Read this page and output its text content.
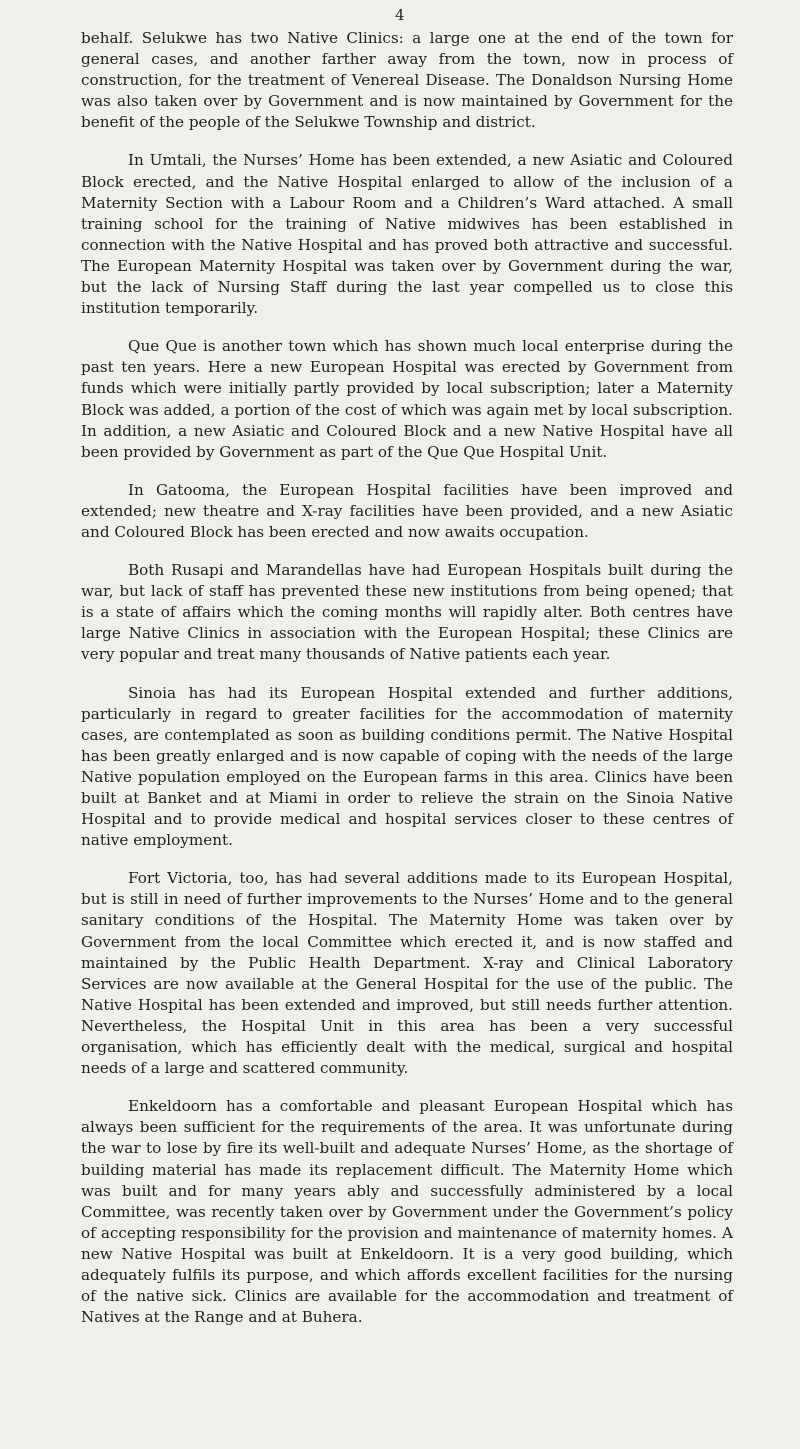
4

behalf. Selukwe has two Native Clinics: a large one at the end of the town for general cases, and another farther away from the town, now in process of construction, for the treatment of Venereal Disease. The Donaldson Nursing Home was also taken over by Government and is now maintained by Government for the benefit of the people of the Selukwe Township and district.

In Umtali, the Nurses’ Home has been extended, a new Asiatic and Coloured Block erected, and the Native Hospital enlarged to allow of the inclusion of a Maternity Section with a Labour Room and a Children’s Ward attached. A small training school for the training of Native midwives has been established in connection with the Native Hospital and has proved both attractive and successful. The European Maternity Hospital was taken over by Government during the war, but the lack of Nursing Staff during the last year compelled us to close this institution temporarily.

Que Que is another town which has shown much local enterprise during the past ten years. Here a new European Hospital was erected by Government from funds which were initially partly provided by local subscription; later a Maternity Block was added, a portion of the cost of which was again met by local subscription. In addition, a new Asiatic and Coloured Block and a new Native Hospital have all been provided by Government as part of the Que Que Hospital Unit.

In Gatooma, the European Hospital facilities have been improved and extended; new theatre and X-ray facilities have been provided, and a new Asiatic and Coloured Block has been erected and now awaits occupation.

Both Rusapi and Marandellas have had European Hospitals built during the war, but lack of staff has prevented these new institutions from being opened; that is a state of affairs which the coming months will rapidly alter. Both centres have large Native Clinics in association with the European Hospital; these Clinics are very popular and treat many thousands of Native patients each year.

Sinoia has had its European Hospital extended and further additions, particularly in regard to greater facilities for the accommodation of maternity cases, are contemplated as soon as building conditions permit. The Native Hospital has been greatly enlarged and is now capable of coping with the needs of the large Native population employed on the European farms in this area. Clinics have been built at Banket and at Miami in order to relieve the strain on the Sinoia Native Hospital and to provide medical and hospital services closer to these centres of native employment.

Fort Victoria, too, has had several additions made to its European Hospital, but is still in need of further improvements to the Nurses’ Home and to the general sanitary conditions of the Hospital. The Maternity Home was taken over by Government from the local Committee which erected it, and is now staffed and maintained by the Public Health Department. X-ray and Clinical Laboratory Services are now available at the General Hospital for the use of the public. The Native Hospital has been extended and improved, but still needs further attention. Nevertheless, the Hospital Unit in this area has been a very successful organisation, which has efficiently dealt with the medical, surgical and hospital needs of a large and scattered community.

Enkeldoorn has a comfortable and pleasant European Hospital which has always been sufficient for the requirements of the area. It was unfortunate during the war to lose by fire its well-built and adequate Nurses’ Home, as the shortage of building material has made its replacement difficult. The Maternity Home which was built and for many years ably and successfully administered by a local Committee, was recently taken over by Government under the Government’s policy of accepting responsibility for the provision and maintenance of maternity homes. A new Native Hospital was built at Enkeldoorn. It is a very good building, which adequately fulfils its purpose, and which affords excellent facilities for the nursing of the native sick. Clinics are available for the accommodation and treatment of Natives at the Range and at Buhera.
